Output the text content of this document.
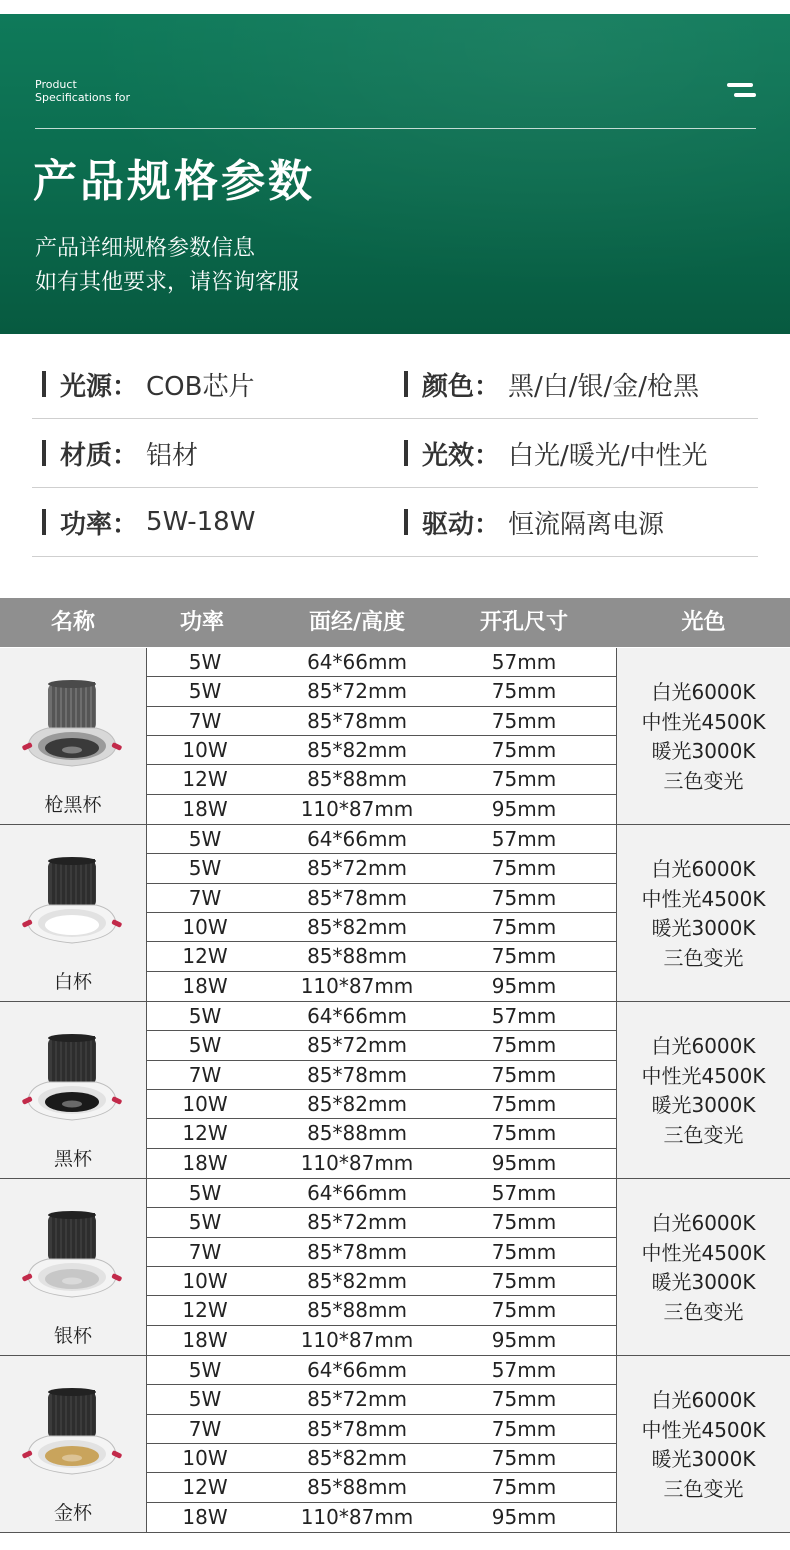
Product
Specifications for
产品规格参数
产品详细规格参数信息
如有其他要求，请咨询客服
光源 ： COB芯片	颜色 ： 黑/白/银/金/枪黑
材质 ： 铝材	光效 ： 白光/暖光/中性光
功率 ： 5W-18W	驱动 ： 恒流隔离电源
名称	功率	面经/高度	开孔尺寸	光色
枪黑杯
5W	64*66mm	57mm
5W	85*72mm	75mm
7W	85*78mm	75mm
10W	85*82mm	75mm
12W	85*88mm	75mm
18W	110*87mm	95mm
白光6000K
中性光4500K
暖光3000K
三色变光
白杯
5W	64*66mm	57mm
5W	85*72mm	75mm
7W	85*78mm	75mm
10W	85*82mm	75mm
12W	85*88mm	75mm
18W	110*87mm	95mm
白光6000K
中性光4500K
暖光3000K
三色变光
黑杯
5W	64*66mm	57mm
5W	85*72mm	75mm
7W	85*78mm	75mm
10W	85*82mm	75mm
12W	85*88mm	75mm
18W	110*87mm	95mm
白光6000K
中性光4500K
暖光3000K
三色变光
银杯
5W	64*66mm	57mm
5W	85*72mm	75mm
7W	85*78mm	75mm
10W	85*82mm	75mm
12W	85*88mm	75mm
18W	110*87mm	95mm
白光6000K
中性光4500K
暖光3000K
三色变光
金杯
5W	64*66mm	57mm
5W	85*72mm	75mm
7W	85*78mm	75mm
10W	85*82mm	75mm
12W	85*88mm	75mm
18W	110*87mm	95mm
白光6000K
中性光4500K
暖光3000K
三色变光
